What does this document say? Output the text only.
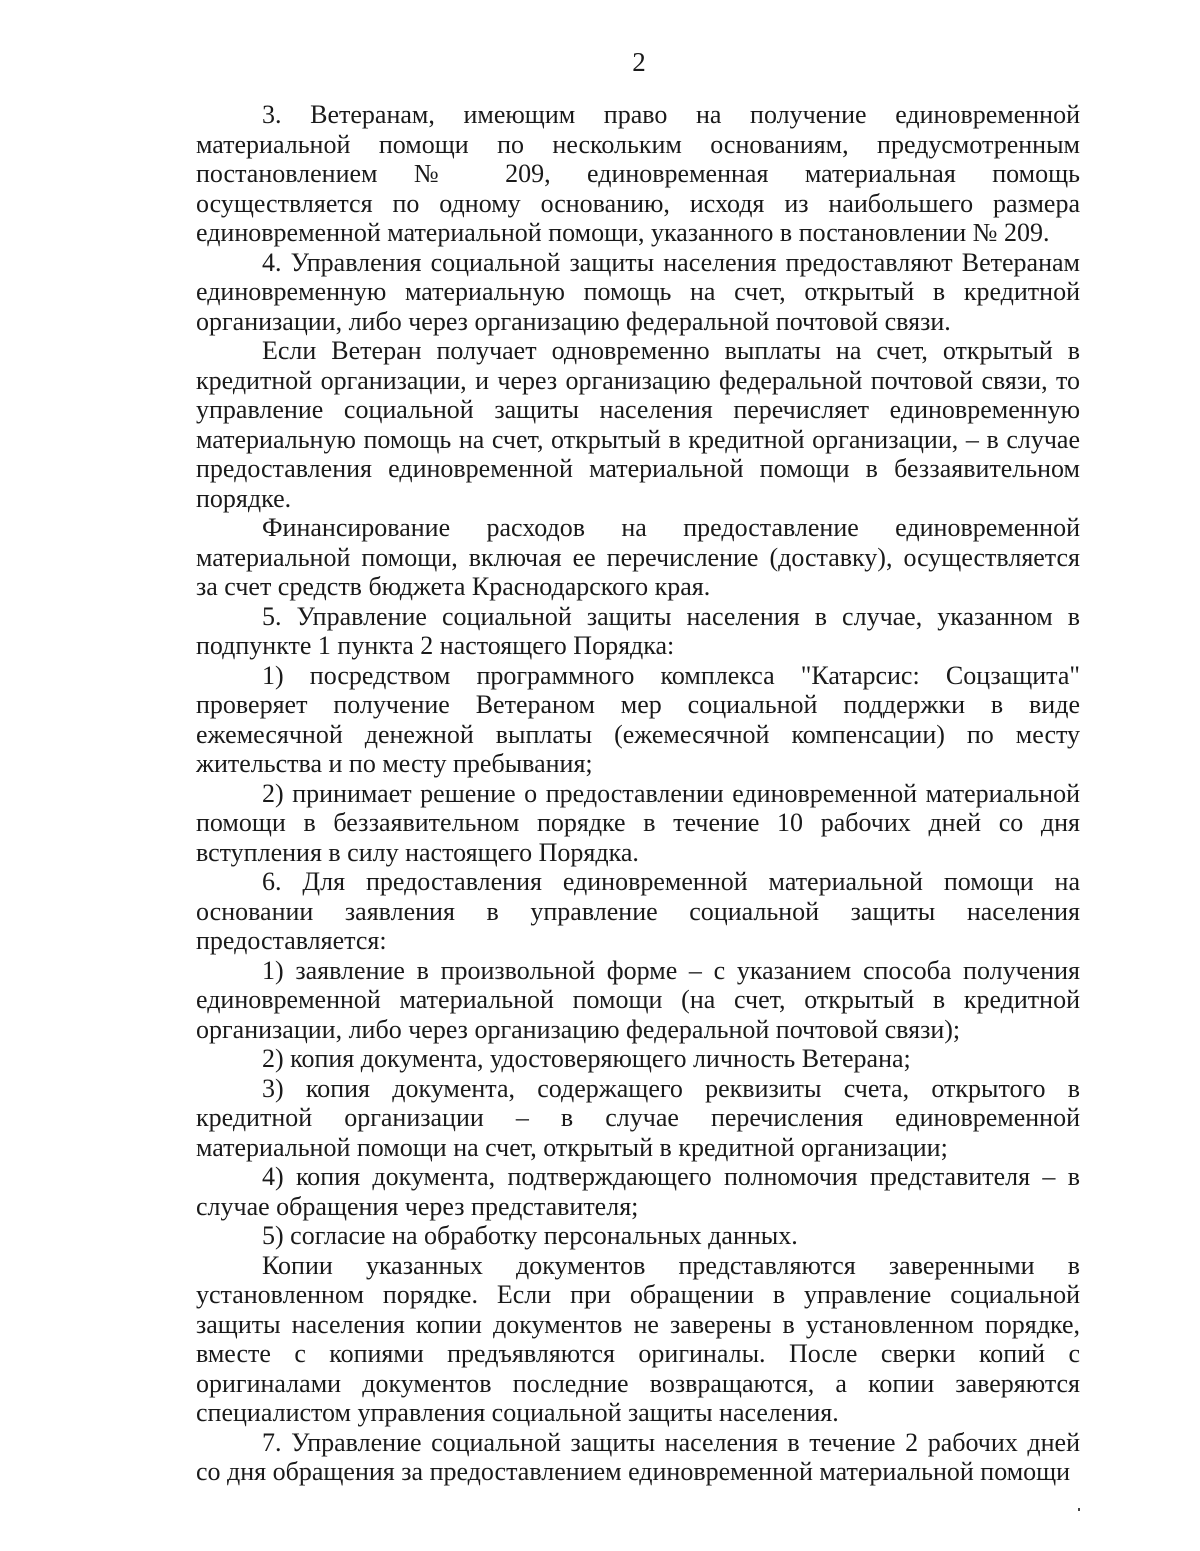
2

3. Ветеранам, имеющим право на получение единовременной материальной помощи по нескольким основаниям, предусмотренным постановлением № 209, единовременная материальная помощь осуществляется по одному основанию, исходя из наибольшего размера единовременной материальной помощи, указанного в постановлении № 209.

4. Управления социальной защиты населения предоставляют Ветеранам единовременную материальную помощь на счет, открытый в кредитной организации, либо через организацию федеральной почтовой связи.

Если Ветеран получает одновременно выплаты на счет, открытый в кредитной организации, и через организацию федеральной почтовой связи, то управление социальной защиты населения перечисляет единовременную материальную помощь на счет, открытый в кредитной организации, – в случае предоставления единовременной материальной помощи в беззаявительном порядке.

Финансирование расходов на предоставление единовременной материальной помощи, включая ее перечисление (доставку), осуществляется за счет средств бюджета Краснодарского края.

5. Управление социальной защиты населения в случае, указанном в подпункте 1 пункта 2 настоящего Порядка:

1) посредством программного комплекса "Катарсис: Соцзащита" проверяет получение Ветераном мер социальной поддержки в виде ежемесячной денежной выплаты (ежемесячной компенсации) по месту жительства и по месту пребывания;

2) принимает решение о предоставлении единовременной материальной помощи в беззаявительном порядке в течение 10 рабочих дней со дня вступления в силу настоящего Порядка.

6. Для предоставления единовременной материальной помощи на основании заявления в управление социальной защиты населения предоставляется:

1) заявление в произвольной форме – с указанием способа получения единовременной материальной помощи (на счет, открытый в кредитной организации, либо через организацию федеральной почтовой связи);

2) копия документа, удостоверяющего личность Ветерана;

3) копия документа, содержащего реквизиты счета, открытого в кредитной организации – в случае перечисления единовременной материальной помощи на счет, открытый в кредитной организации;

4) копия документа, подтверждающего полномочия представителя – в случае обращения через представителя;

5) согласие на обработку персональных данных.

Копии указанных документов представляются заверенными в установленном порядке. Если при обращении в управление социальной защиты населения копии документов не заверены в установленном порядке, вместе с копиями предъявляются оригиналы. После сверки копий с оригиналами документов последние возвращаются, а копии заверяются специалистом управления социальной защиты населения.

7. Управление социальной защиты населения в течение 2 рабочих дней со дня обращения за предоставлением единовременной материальной помощи
